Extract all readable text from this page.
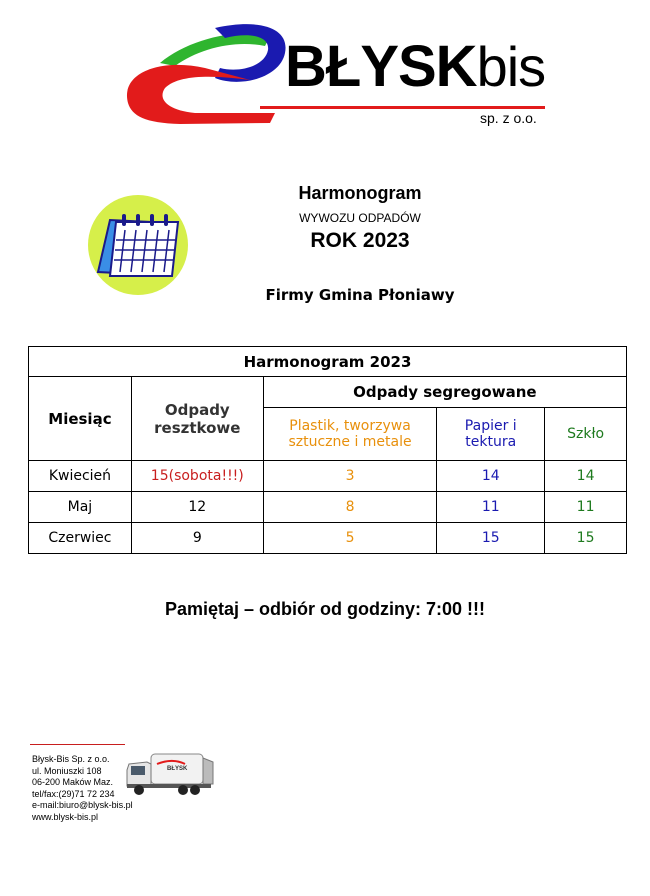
BŁYSKbis
sp. z o.o.
Harmonogram
WYWOZU ODPADÓW
ROK 2023
Firmy Gmina Płoniawy
Harmonogram 2023				
Miesiąc	Odpady resztkowe	Odpady segregowane		
		Plastik, tworzywa sztuczne i metale	Papier i tektura	Szkło
Kwiecień	15(sobota!!!)	3	14	14
Maj	12	8	11	11
Czerwiec	9	5	15	15
Pamiętaj – odbiór od godziny: 7:00 !!!
Błysk-Bis Sp. z o.o.
ul. Moniuszki 108
06-200 Maków Maz.
tel/fax:(29)71 72 234
e-mail:biuro@blysk-bis.pl
www.blysk-bis.pl
BŁYSK
